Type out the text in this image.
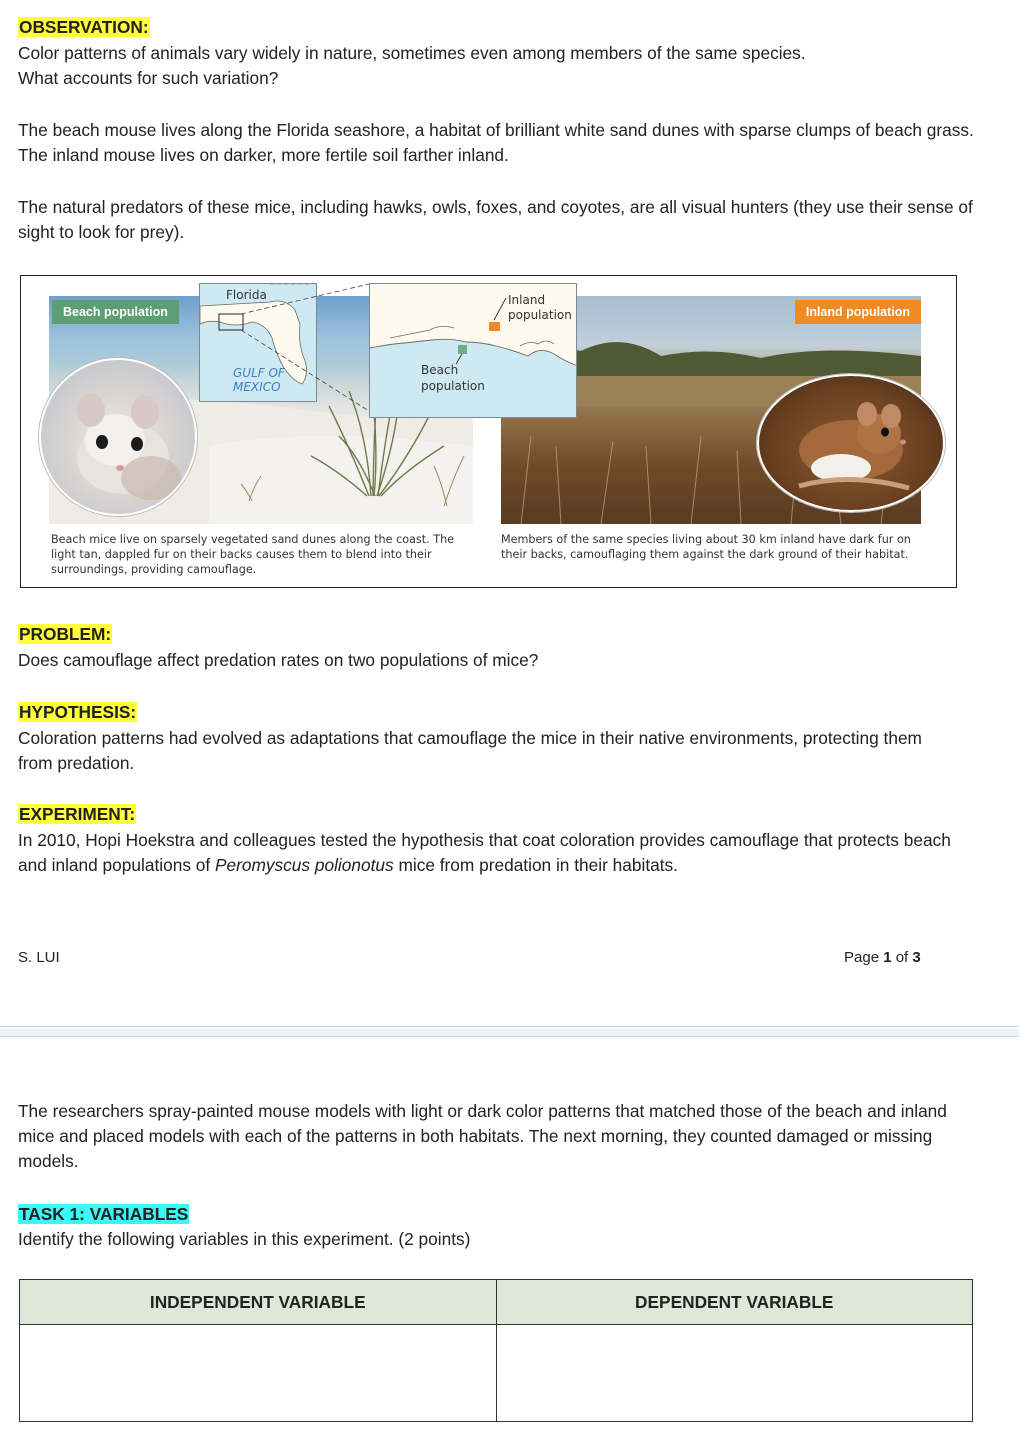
OBSERVATION:
Color patterns of animals vary widely in nature, sometimes even among members of the same species.
What accounts for such variation?

The beach mouse lives along the Florida seashore, a habitat of brilliant white sand dunes with sparse clumps of beach grass. The inland mouse lives on darker, more fertile soil farther inland.

The natural predators of these mice, including hawks, owls, foxes, and coyotes, are all visual hunters (they use their sense of sight to look for prey).

Beach population	Inland population
Florida
GULF OF
MEXICO
Inland
population
Beach
population

Beach mice live on sparsely vegetated sand dunes along the coast. The light tan, dappled fur on their backs causes them to blend into their surroundings, providing camouflage.

Members of the same species living about 30 km inland have dark fur on their backs, camouflaging them against the dark ground of their habitat.

PROBLEM:

Does camouflage affect predation rates on two populations of mice?

HYPOTHESIS:

Coloration patterns had evolved as adaptations that camouflage the mice in their native environments, protecting them from predation.

EXPERIMENT:

In 2010, Hopi Hoekstra and colleagues tested the hypothesis that coat coloration provides camouflage that protects beach and inland populations of Peromyscus polionotus mice from predation in their habitats.

S. LUI	Page 1 of 3

The researchers spray-painted mouse models with light or dark color patterns that matched those of the beach and inland mice and placed models with each of the patterns in both habitats. The next morning, they counted damaged or missing models.

TASK 1: VARIABLES

Identify the following variables in this experiment. (2 points)

INDEPENDENT VARIABLE	DEPENDENT VARIABLE
